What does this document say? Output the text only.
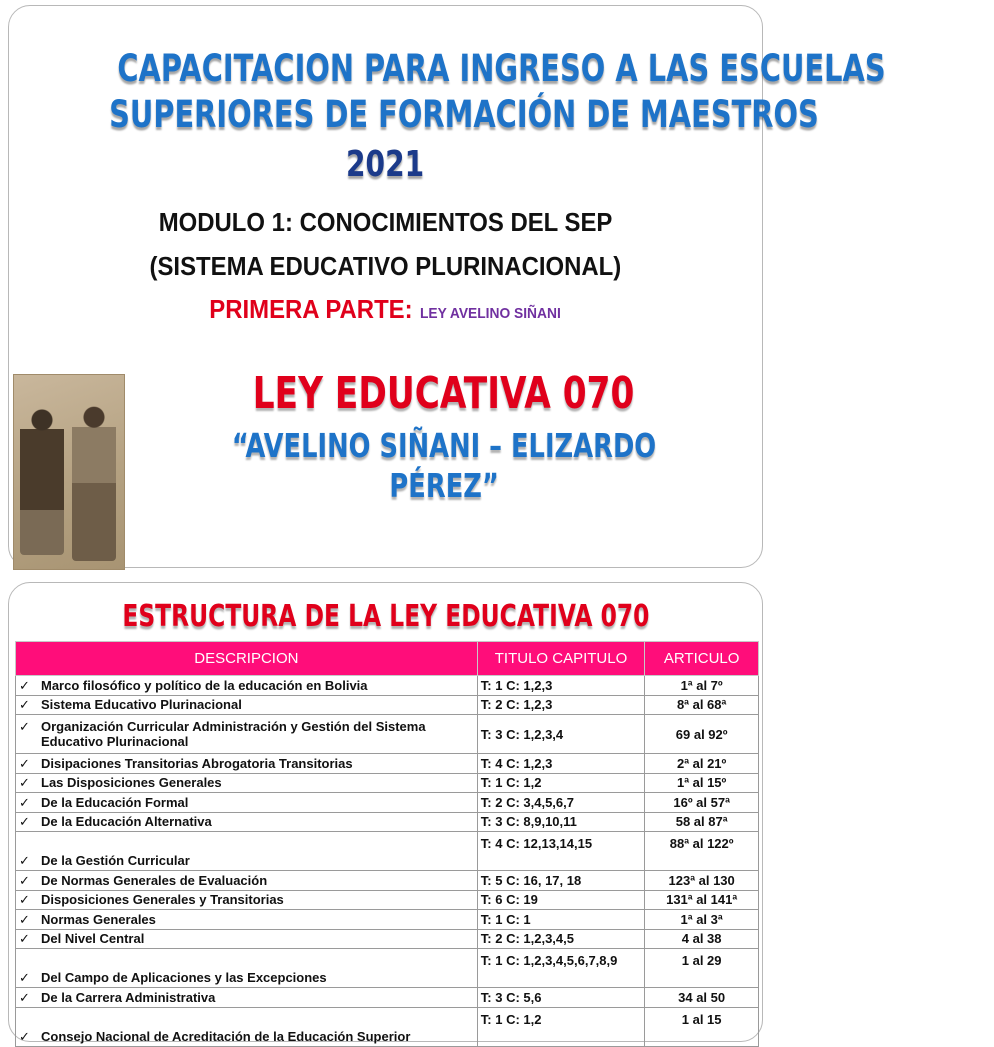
CAPACITACION PARA INGRESO A LAS ESCUELAS
SUPERIORES DE FORMACIÓN DE MAESTROS
2021
MODULO 1: CONOCIMIENTOS DEL SEP
(SISTEMA EDUCATIVO PLURINACIONAL)
PRIMERA PARTE: LEY AVELINO SIÑANI
LEY EDUCATIVA 070
“AVELINO SIÑANI – ELIZARDO
PÉREZ”
ESTRUCTURA DE LA LEY EDUCATIVA 070
DESCRIPCION	TITULO CAPITULO	ARTICULO
✓ Marco filosófico y político de la educación en Bolivia	T: 1 C: 1,2,3	1ª al 7º
✓ Sistema Educativo Plurinacional	T: 2 C: 1,2,3	8ª al 68ª
✓ Organización Curricular Administración y Gestión del Sistema Educativo Plurinacional	T: 3 C: 1,2,3,4	69 al 92º
✓ Disipaciones Transitorias Abrogatoria Transitorias	T: 4 C: 1,2,3	2ª al 21º
✓ Las Disposiciones Generales	T: 1 C: 1,2	1ª al 15º
✓ De la Educación Formal	T: 2 C: 3,4,5,6,7	16º al 57ª
✓ De la Educación Alternativa	T: 3 C: 8,9,10,11	58 al 87ª
✓ De la Gestión Curricular	T: 4 C: 12,13,14,15	88ª al 122º
✓ De Normas Generales de Evaluación	T: 5 C: 16, 17, 18	123ª al 130
✓ Disposiciones Generales y Transitorias	T: 6 C: 19	131ª al 141ª
✓ Normas Generales	T: 1 C: 1	1ª al 3ª
✓ Del Nivel Central	T: 2 C: 1,2,3,4,5	4 al 38
✓ Del Campo de Aplicaciones y las Excepciones	T: 1 C: 1,2,3,4,5,6,7,8,9	1 al 29
✓ De la Carrera Administrativa	T: 3 C: 5,6	34 al 50
✓ Consejo Nacional de Acreditación de la Educación Superior	T: 1 C: 1,2	1 al 15
